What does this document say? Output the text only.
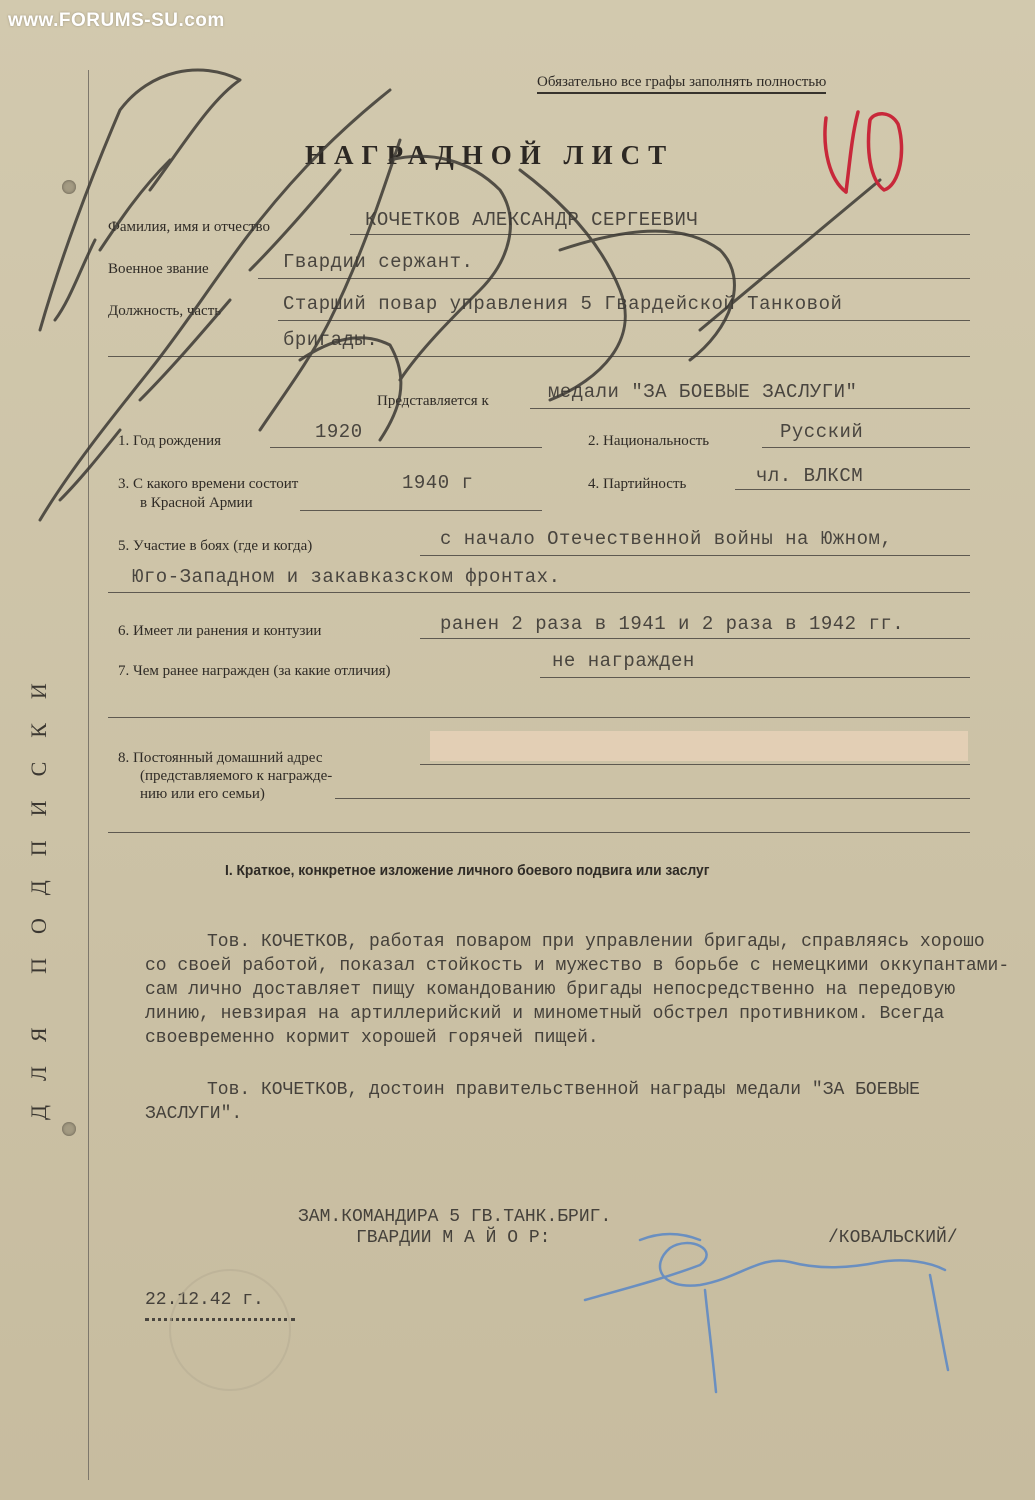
www.FORUMS-SU.com
ДЛЯ ПОДПИСКИ
Обязательно все графы заполнять полностью
НАГРАДНОЙ ЛИСТ
Фамилия, имя и отчество	КОЧЕТКОВ АЛЕКСАНДР СЕРГЕЕВИЧ
Военное звание	Гвардии сержант.
Должность, часть	Старший повар управления 5 Гвардейской Танковой
бригады.
Представляется к	медали "ЗА БОЕВЫЕ ЗАСЛУГИ"
1. Год рождения	1920	2. Национальность	Русский
3. С какого времени состоит
в Красной Армии
1940 г	4. Партийность	чл. ВЛКСМ
5. Участие в боях (где и когда)	с начало Отечественной войны на Южном,
Юго-Западном и закавказском фронтах.
6. Имеет ли ранения и контузии	ранен 2 раза в 1941 и 2 раза в 1942 гг.
7. Чем ранее награжден (за какие отличия)	не награжден
8. Постоянный домашний адрес
(представляемого к награжде-
нию или его семьи)
I. Краткое, конкретное изложение личного боевого подвига или заслуг

Тов. КОЧЕТКОВ, работая поваром при управлении бригады, справляясь хорошо со своей работой, показал стойкость и мужество в борьбе с немецкими оккупантами- сам лично доставляет пищу командованию бригады непосредственно на передовую линию, невзирая на артиллерийский и минометный обстрел противником. Всегда своевременно кормит хорошей горячей пищей.

Тов. КОЧЕТКОВ, достоин правительственной награды медали "ЗА БОЕВЫЕ ЗАСЛУГИ".

ЗАМ.КОМАНДИРА 5 ГВ.ТАНК.БРИГ.
ГВАРДИИ М А Й О Р:	/КОВАЛЬСКИЙ/
22.12.42 г.
